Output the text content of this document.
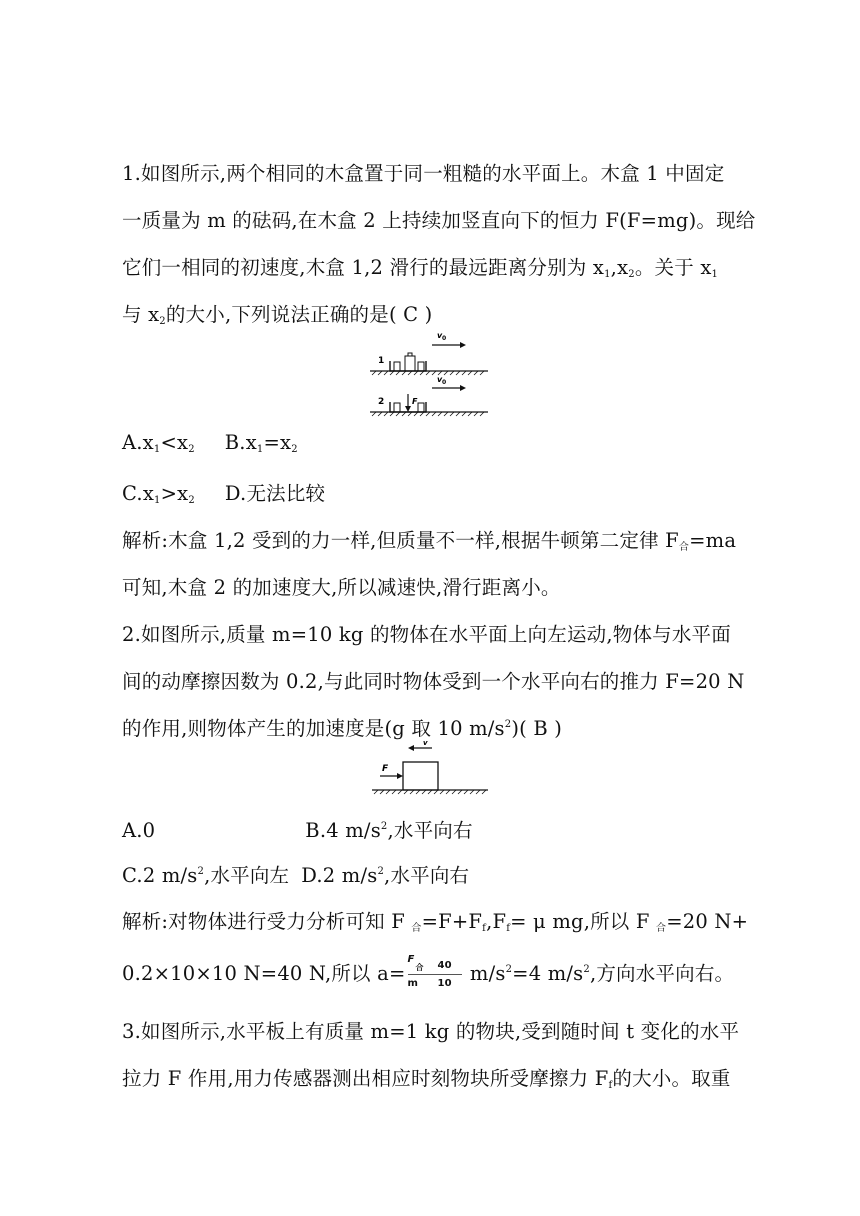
1.如图所示,两个相同的木盒置于同一粗糙的水平面上。木盒 1 中固定
一质量为 m 的砝码,在木盒 2 上持续加竖直向下的恒力 F(F=mg)。现给
它们一相同的初速度,木盒 1,2 滑行的最远距离分别为 $x_1,x_2$。关于 $x_1$
与 $x_2$的大小,下列说法正确的是( C )
1
v 0
2	F
v 0
$A.x_1<x_2$ $B.x_1=x_2$
$C.x_1>x_2$ D.无法比较
解析:木盒 1,2 受到的力一样,但质量不一样,根据牛顿第二定律 $F_合=ma$
可知,木盒 2 的加速度大,所以减速快,滑行距离小。
2.如图所示,质量 m=10 kg 的物体在水平面上向左运动,物体与水平面
间的动摩擦因数为 0.2,与此同时物体受到一个水平向右的推力 F=20 N
的作用,则物体产生的加速度是(g 取 10 $m/s^2$)( B )
v
F
A.0	B.4 $m/s^2$,水平向右
C.2 $m/s^2$,水平向左 D.2 $m/s^2$,水平向右
解析:对物体进行受力分析可知 F $_合=F+F_f,F_f= \mu$ mg,所以 F $_合$=20 N+
0.2×10×10 N=40 N,所以 a=
F
合 40
m 10 $m/s^2=4$ $m/s^2$,方向水平向右。
3.如图所示,水平板上有质量 m=1 kg 的物块,受到随时间 t 变化的水平
拉力 F 作用,用力传感器测出相应时刻物块所受摩擦力 $F_f$的大小。取重
